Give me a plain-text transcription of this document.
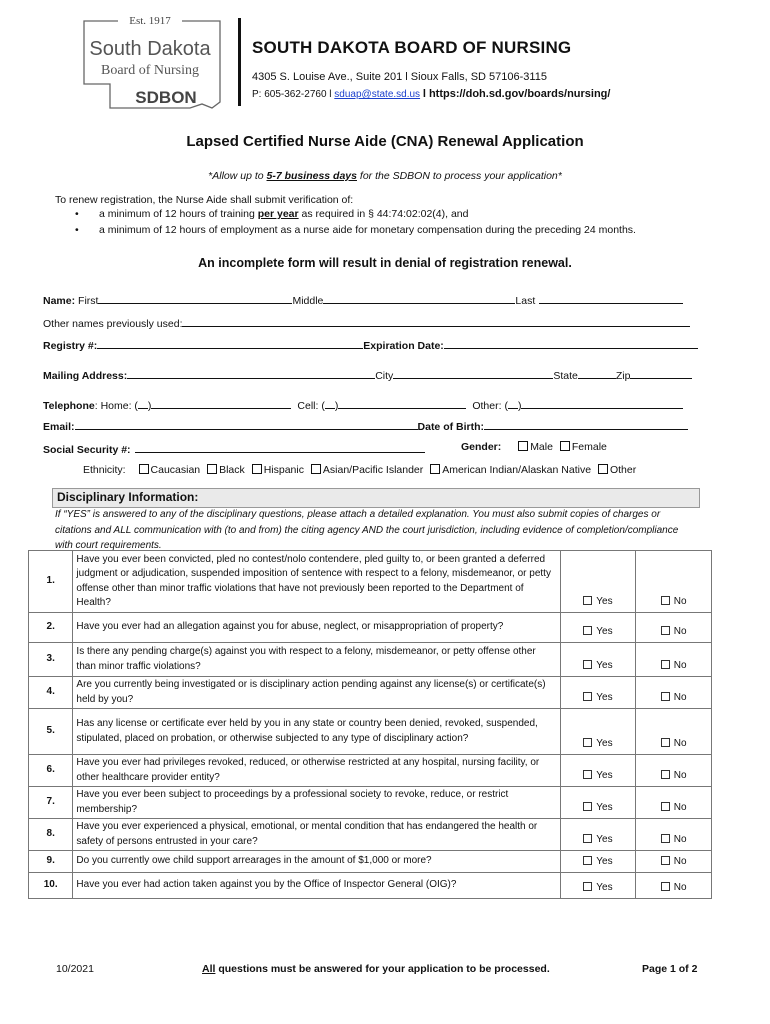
Est. 1917
South Dakota
Board of Nursing
SDBON
SOUTH DAKOTA BOARD OF NURSING
4305 S. Louise Ave., Suite 201 l Sioux Falls, SD 57106-3115
P: 605-362-2760 l sduap@state.sd.us l https://doh.sd.gov/boards/nursing/
Lapsed Certified Nurse Aide (CNA) Renewal Application
*Allow up to 5-7 business days for the SDBON to process your application*
To renew registration, the Nurse Aide shall submit verification of:
• a minimum of 12 hours of training per year as required in § 44:74:02:02(4), and
• a minimum of 12 hours of employment as a nurse aide for monetary compensation during the preceding 24 months.
An incomplete form will result in denial of registration renewal.
Name: First	Middle	Last
Other names previously used:
Registry #:	Expiration Date:
Mailing Address:	City	State	Zip
Telephone: Home: ( )	Cell: ( )	Other: ( )
Email:	Date of Birth:
Social Security #:	Gender:	Male Female
Ethnicity: Caucasian Black Hispanic Asian/Pacific Islander American Indian/Alaskan Native Other
Disciplinary Information:
If “YES” is answered to any of the disciplinary questions, please attach a detailed explanation. You must also submit copies of charges or citations and ALL communication with (to and from) the citing agency AND the court jurisdiction, including evidence of completion/compliance with court requirements.
1.	Have you ever been convicted, pled no contest/nolo contendere, pled guilty to, or been granted a deferred judgment or adjudication, suspended imposition of sentence with respect to a felony, misdemeanor, or petty offense other than minor traffic violations that have not previously been reported to the Department of Health?	Yes	No
2.	Have you ever had an allegation against you for abuse, neglect, or misappropriation of property?	Yes	No
3.	Is there any pending charge(s) against you with respect to a felony, misdemeanor, or petty offense other than minor traffic violations?	Yes	No
4.	Are you currently being investigated or is disciplinary action pending against any license(s) or certificate(s) held by you?	Yes	No
5.	Has any license or certificate ever held by you in any state or country been denied, revoked, suspended, stipulated, placed on probation, or otherwise subjected to any type of disciplinary action?	Yes	No
6.	Have you ever had privileges revoked, reduced, or otherwise restricted at any hospital, nursing facility, or other healthcare provider entity?	Yes	No
7.	Have you ever been subject to proceedings by a professional society to revoke, reduce, or restrict membership?	Yes	No
8.	Have you ever experienced a physical, emotional, or mental condition that has endangered the health or safety of persons entrusted in your care?	Yes	No
9.	Do you currently owe child support arrearages in the amount of $1,000 or more?	Yes	No
10.	Have you ever had action taken against you by the Office of Inspector General (OIG)?	Yes	No
10/2021	All questions must be answered for your application to be processed.	Page 1 of 2
